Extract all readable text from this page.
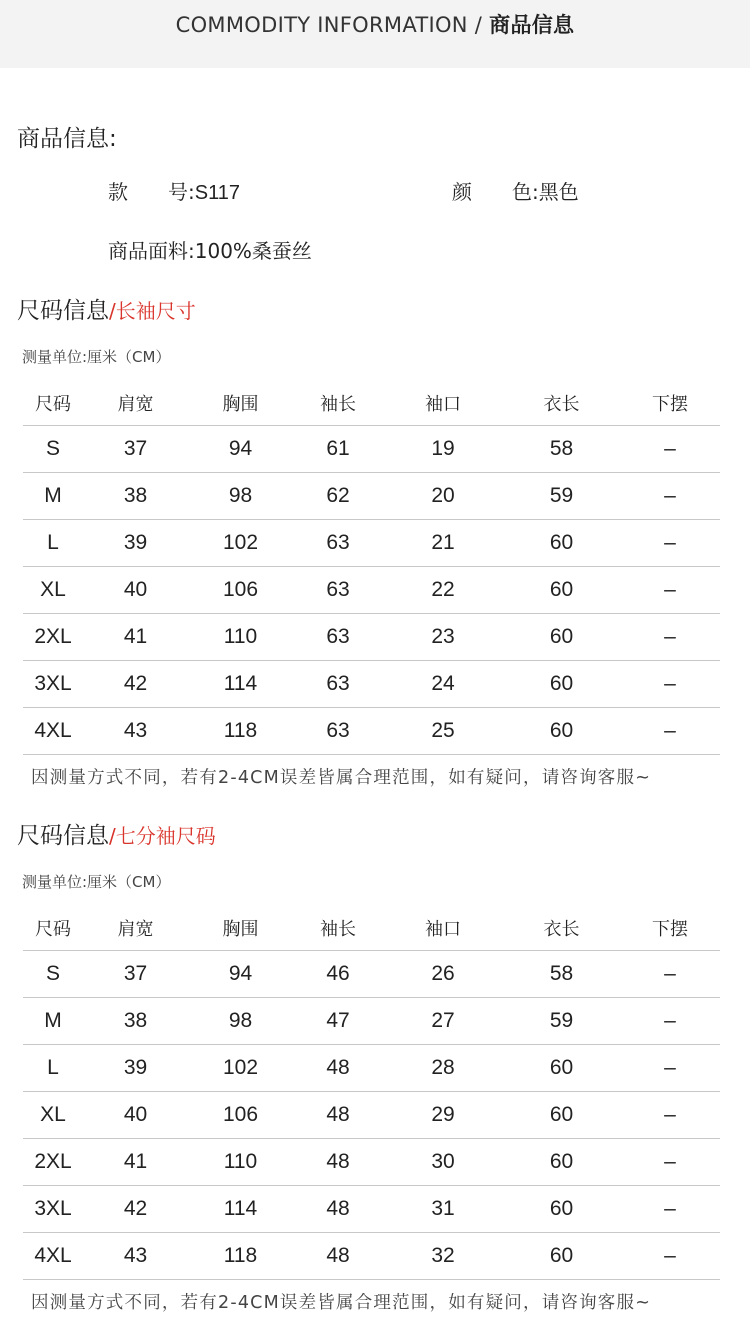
COMMODITY INFORMATION / 商品信息
商品信息:
款　　号:S117	颜　　色:黑色
商品面料:100%桑蚕丝
尺码信息/长袖尺寸
测量单位:厘米（CM）
尺码	肩宽	胸围	袖长	袖口	衣长	下摆
S	37	94	61	19	58	–
M	38	98	62	20	59	–
L	39	102	63	21	60	–
XL	40	106	63	22	60	–
2XL	41	110	63	23	60	–
3XL	42	114	63	24	60	–
4XL	43	118	63	25	60	–
因测量方式不同，若有2-4CM误差皆属合理范围，如有疑问，请咨询客服~
尺码信息/七分袖尺码
测量单位:厘米（CM）
尺码	肩宽	胸围	袖长	袖口	衣长	下摆
S	37	94	46	26	58	–
M	38	98	47	27	59	–
L	39	102	48	28	60	–
XL	40	106	48	29	60	–
2XL	41	110	48	30	60	–
3XL	42	114	48	31	60	–
4XL	43	118	48	32	60	–
因测量方式不同，若有2-4CM误差皆属合理范围，如有疑问，请咨询客服~
